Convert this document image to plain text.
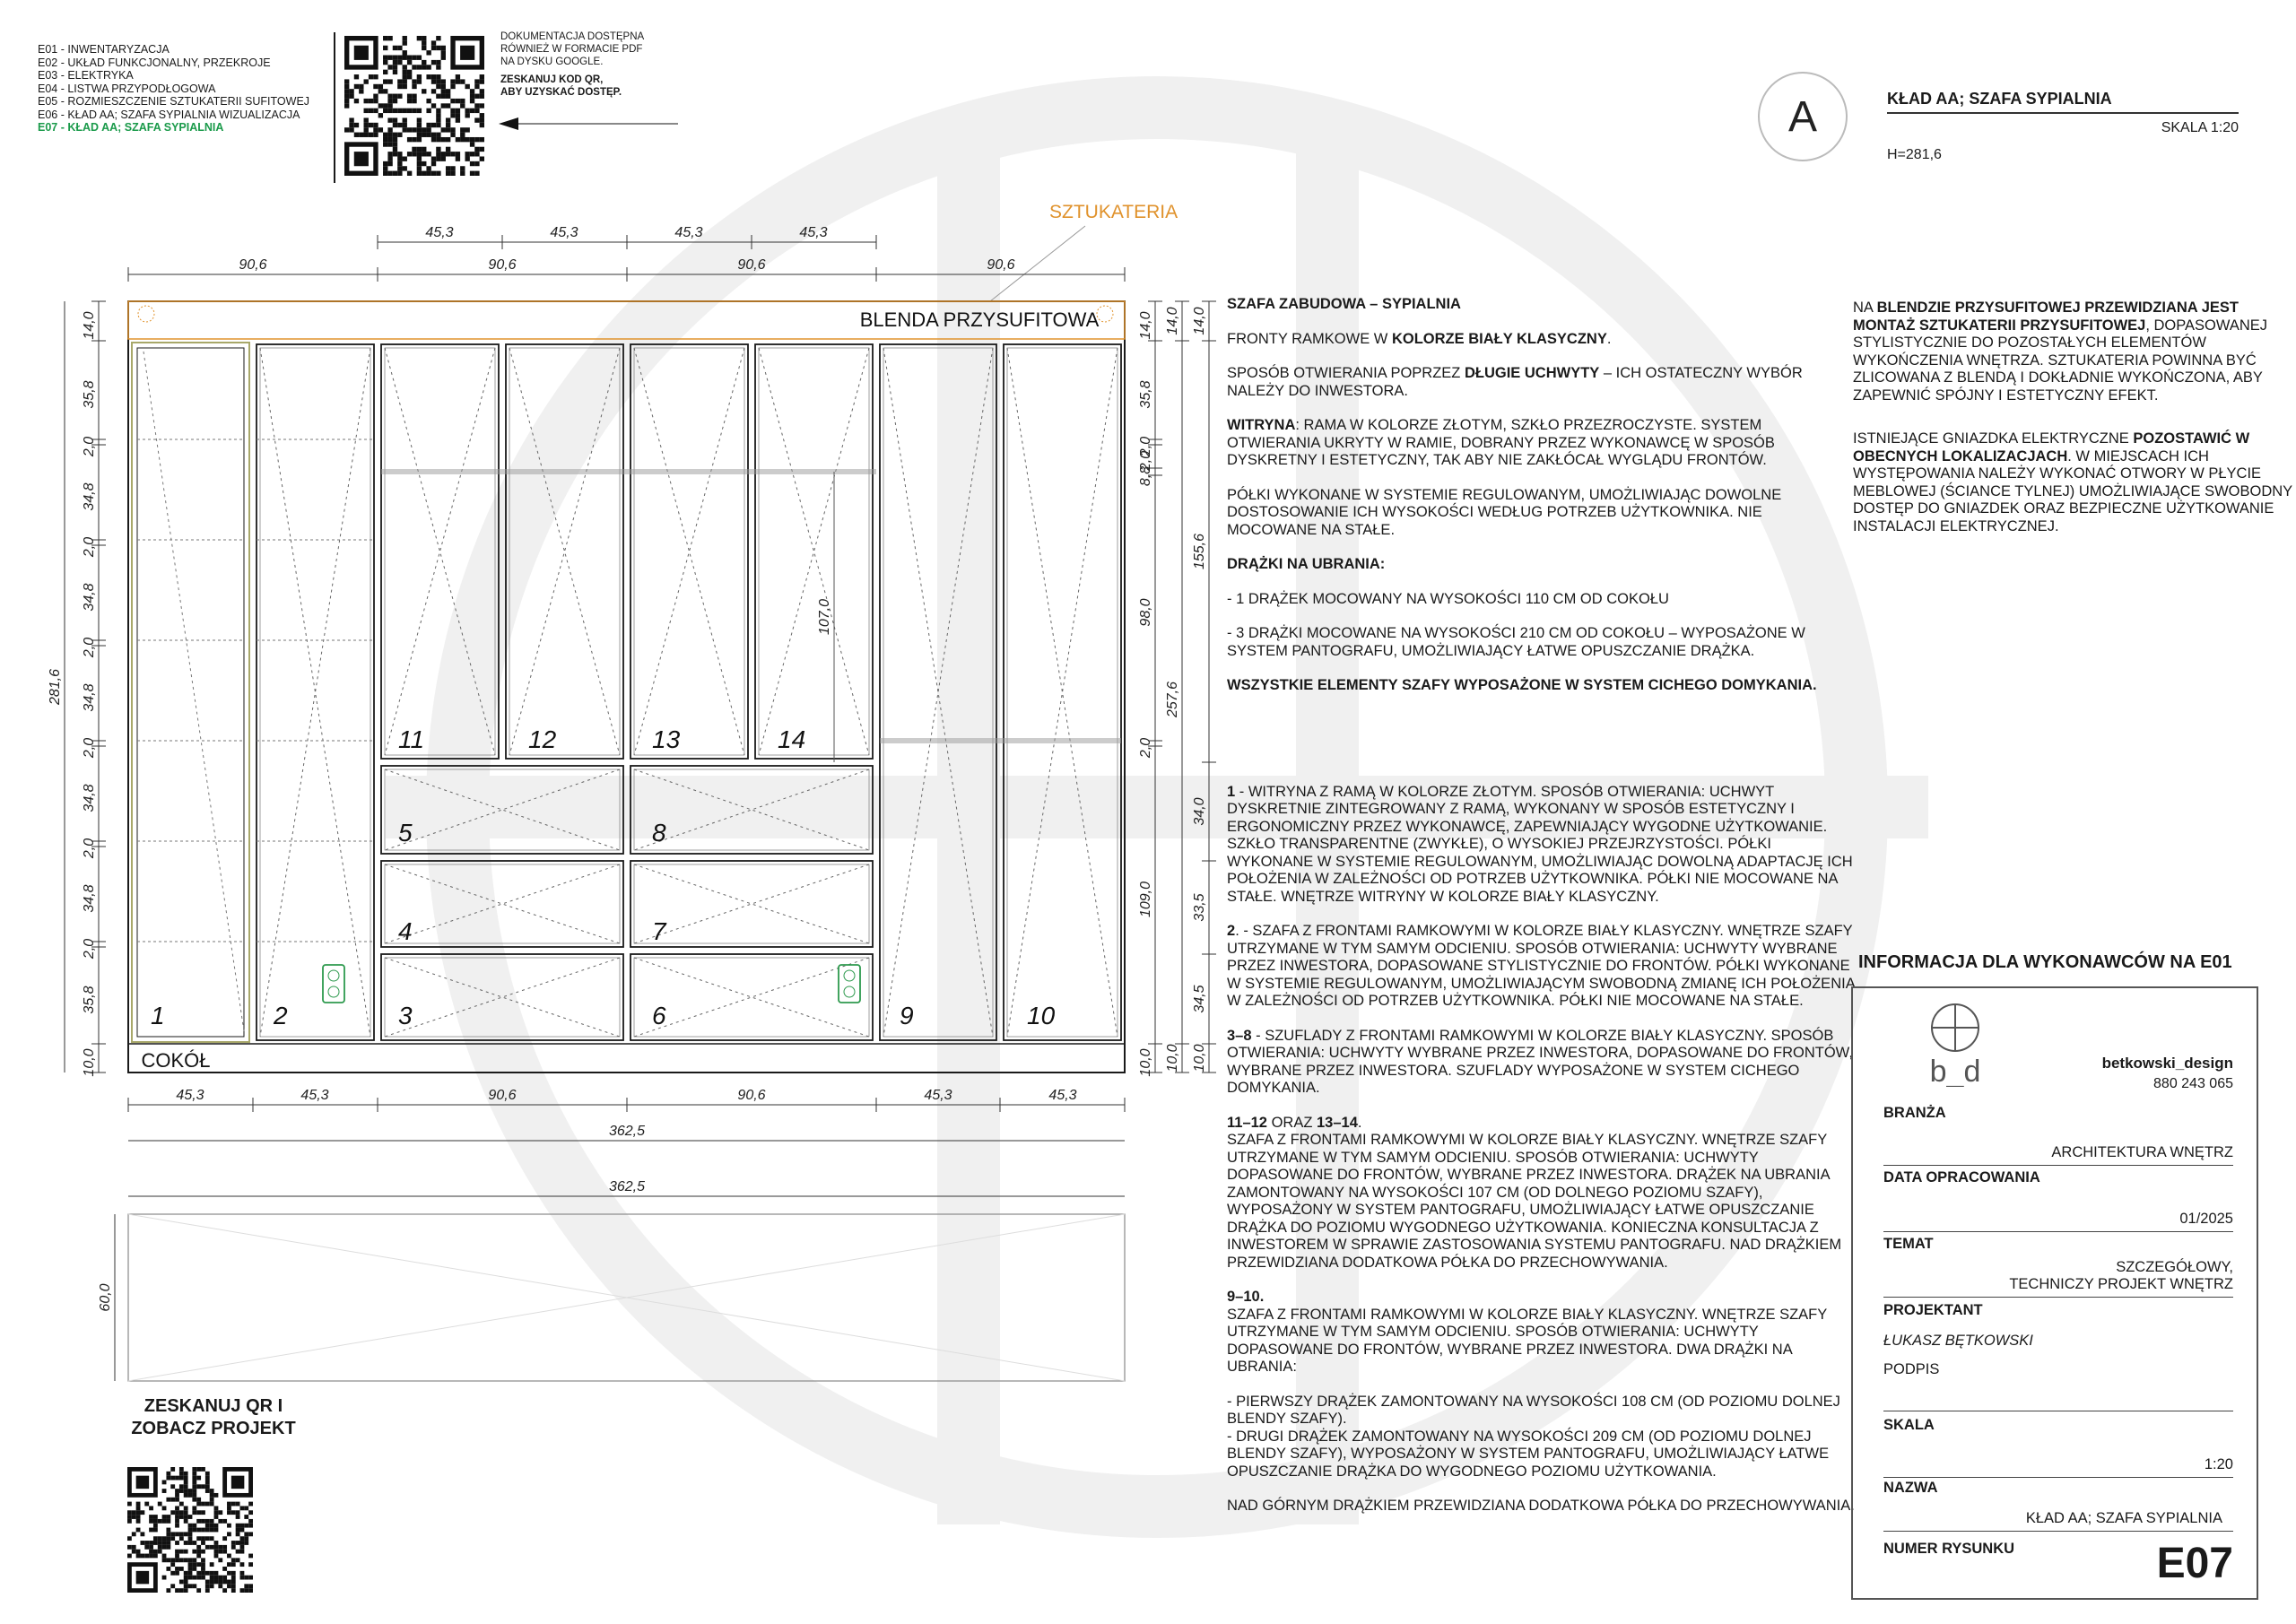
E01 - INWENTARYZACJA
E02 - UKŁAD FUNKCJONALNY, PRZEKROJE
E03 - ELEKTRYKA
E04 - LISTWA PRZYPODŁOGOWA
E05 - ROZMIESZCZENIE SZTUKATERII SUFITOWEJ
E06 - KŁAD AA; SZAFA SYPIALNIA WIZUALIZACJA
E07 - KŁAD AA; SZAFA SYPIALNIA
DOKUMENTACJA DOSTĘPNA
RÓWNIEŻ W FORMACIE PDF
NA DYSKU GOOGLE.
ZESKANUJ KOD QR,
ABY UZYSKAĆ DOSTĘP.
A	KŁAD AA; SZAFA SYPIALNIA
SKALA 1:20
H=281,6
SZTUKATERIA
45,3	45,3	45,3	45,3
90,6	90,6	90,6	90,6
45,3	45,3	90,6	90,6	45,3	45,3
362,5
362,5
60,0
281,6
14,0
35,8
2,0
34,8
2,0
34,8
2,0
34,8
2,0
34,8
2,0
34,8
2,0
35,8
10,0
14,0
35,8
2,0
2,0
8,8
98,0
2,0
109,0
10,0
14,0
257,6
10,0
14,0
155,6
34,0
33,5
34,5
10,0
BLENDA PRZYSUFITOWA
COKÓŁ
107,0
1	2	3
4
5
6
7
8
9	10
11	12	13	14
ZESKANUJ QR I
ZOBACZ PROJEKT

SZAFA ZABUDOWA – SYPIALNIA

FRONTY RAMKOWE W KOLORZE BIAŁY KLASYCZNY.

SPOSÓB OTWIERANIA POPRZEZ DŁUGIE UCHWYTY – ICH OSTATECZNY WYBÓR NALEŻY DO INWESTORA.

WITRYNA: RAMA W KOLORZE ZŁOTYM, SZKŁO PRZEZROCZYSTE. SYSTEM OTWIERANIA UKRYTY W RAMIE, DOBRANY PRZEZ WYKONAWCĘ W SPOSÓB DYSKRETNY I ESTETYCZNY, TAK ABY NIE ZAKŁÓCAŁ WYGLĄDU FRONTÓW.

PÓŁKI WYKONANE W SYSTEMIE REGULOWANYM, UMOŻLIWIAJĄC DOWOLNE DOSTOSOWANIE ICH WYSOKOŚCI WEDŁUG POTRZEB UŻYTKOWNIKA. NIE MOCOWANE NA STAŁE.

DRĄŻKI NA UBRANIA:

- 1 DRĄŻEK MOCOWANY NA WYSOKOŚCI 110 CM OD COKOŁU

- 3 DRĄŻKI MOCOWANE NA WYSOKOŚCI 210 CM OD COKOŁU – WYPOSAŻONE W SYSTEM PANTOGRAFU, UMOŻLIWIAJĄCY ŁATWE OPUSZCZANIE DRĄŻKA.

WSZYSTKIE ELEMENTY SZAFY WYPOSAŻONE W SYSTEM CICHEGO DOMYKANIA.

1 - WITRYNA Z RAMĄ W KOLORZE ZŁOTYM. SPOSÓB OTWIERANIA: UCHWYT DYSKRETNIE ZINTEGROWANY Z RAMĄ, WYKONANY W SPOSÓB ESTETYCZNY I ERGONOMICZNY PRZEZ WYKONAWCĘ, ZAPEWNIAJĄCY WYGODNE UŻYTKOWANIE. SZKŁO TRANSPARENTNE (ZWYKŁE), O WYSOKIEJ PRZEJRZYSTOŚCI. PÓŁKI WYKONANE W SYSTEMIE REGULOWANYM, UMOŻLIWIAJĄC DOWOLNĄ ADAPTACJĘ ICH POŁOŻENIA W ZALEŻNOŚCI OD POTRZEB UŻYTKOWNIKA. PÓŁKI NIE MOCOWANE NA STAŁE. WNĘTRZE WITRYNY W KOLORZE BIAŁY KLASYCZNY.

2. - SZAFA Z FRONTAMI RAMKOWYMI W KOLORZE BIAŁY KLASYCZNY. WNĘTRZE SZAFY UTRZYMANE W TYM SAMYM ODCIENIU. SPOSÓB OTWIERANIA: UCHWYTY WYBRANE PRZEZ INWESTORA, DOPASOWANE STYLISTYCZNIE DO FRONTÓW. PÓŁKI WYKONANE W SYSTEMIE REGULOWANYM, UMOŻLIWIAJĄCYM SWOBODNĄ ZMIANĘ ICH POŁOŻENIA W ZALEŻNOŚCI OD POTRZEB UŻYTKOWNIKA. PÓŁKI NIE MOCOWANE NA STAŁE.

3–8 - SZUFLADY Z FRONTAMI RAMKOWYMI W KOLORZE BIAŁY KLASYCZNY. SPOSÓB OTWIERANIA: UCHWYTY WYBRANE PRZEZ INWESTORA, DOPASOWANE DO FRONTÓW, WYBRANE PRZEZ INWESTORA. SZUFLADY WYPOSAŻONE W SYSTEM CICHEGO DOMYKANIA.

11–12 ORAZ 13–14.

SZAFA Z FRONTAMI RAMKOWYMI W KOLORZE BIAŁY KLASYCZNY. WNĘTRZE SZAFY UTRZYMANE W TYM SAMYM ODCIENIU. SPOSÓB OTWIERANIA: UCHWYTY DOPASOWANE DO FRONTÓW, WYBRANE PRZEZ INWESTORA. DRĄŻEK NA UBRANIA ZAMONTOWANY NA WYSOKOŚCI 107 CM (OD DOLNEGO POZIOMU SZAFY), WYPOSAŻONY W SYSTEM PANTOGRAFU, UMOŻLIWIAJĄCY ŁATWE OPUSZCZANIE DRĄŻKA DO POZIOMU WYGODNEGO UŻYTKOWANIA. KONIECZNA KONSULTACJA Z INWESTOREM W SPRAWIE ZASTOSOWANIA SYSTEMU PANTOGRAFU. NAD DRĄŻKIEM PRZEWIDZIANA DODATKOWA PÓŁKA DO PRZECHOWYWANIA.

9–10.

SZAFA Z FRONTAMI RAMKOWYMI W KOLORZE BIAŁY KLASYCZNY. WNĘTRZE SZAFY UTRZYMANE W TYM SAMYM ODCIENIU. SPOSÓB OTWIERANIA: UCHWYTY DOPASOWANE DO FRONTÓW, WYBRANE PRZEZ INWESTORA. DWA DRĄŻKI NA UBRANIA:

- PIERWSZY DRĄŻEK ZAMONTOWANY NA WYSOKOŚCI 108 CM (OD POZIOMU DOLNEJ BLENDY SZAFY).

- DRUGI DRĄŻEK ZAMONTOWANY NA WYSOKOŚCI 209 CM (OD POZIOMU DOLNEJ BLENDY SZAFY), WYPOSAŻONY W SYSTEM PANTOGRAFU, UMOŻLIWIAJĄCY ŁATWE OPUSZCZANIE DRĄŻKA DO WYGODNEGO POZIOMU UŻYTKOWANIA.

NAD GÓRNYM DRĄŻKIEM PRZEWIDZIANA DODATKOWA PÓŁKA DO PRZECHOWYWANIA.

NA BLENDZIE PRZYSUFITOWEJ PRZEWIDZIANA JEST MONTAŻ SZTUKATERII PRZYSUFITOWEJ, DOPASOWANEJ STYLISTYCZNIE DO POZOSTAŁYCH ELEMENTÓW WYKOŃCZENIA WNĘTRZA. SZTUKATERIA POWINNA BYĆ ZLICOWANA Z BLENDĄ I DOKŁADNIE WYKOŃCZONA, ABY ZAPEWNIĆ SPÓJNY I ESTETYCZNY EFEKT.

ISTNIEJĄCE GNIAZDKA ELEKTRYCZNE POZOSTAWIĆ W OBECNYCH LOKALIZACJACH. W MIEJSCACH ICH WYSTĘPOWANIA NALEŻY WYKONAĆ OTWORY W PŁYCIE MEBLOWEJ (ŚCIANCE TYLNEJ) UMOŻLIWIAJĄCE SWOBODNY DOSTĘP DO GNIAZDEK ORAZ BEZPIECZNE UŻYTKOWANIE INSTALACJI ELEKTRYCZNEJ.

INFORMACJA DLA WYKONAWCÓW NA E01
b_d	betkowski_design
880 243 065
BRANŻA
ARCHITEKTURA WNĘTRZ
DATA OPRACOWANIA
01/2025
TEMAT
SZCZEGÓŁOWY,
TECHNICZY PROJEKT WNĘTRZ
PROJEKTANT
ŁUKASZ BĘTKOWSKI
PODPIS
SKALA
1:20
NAZWA
KŁAD AA; SZAFA SYPIALNIA
NUMER RYSUNKU	E07
